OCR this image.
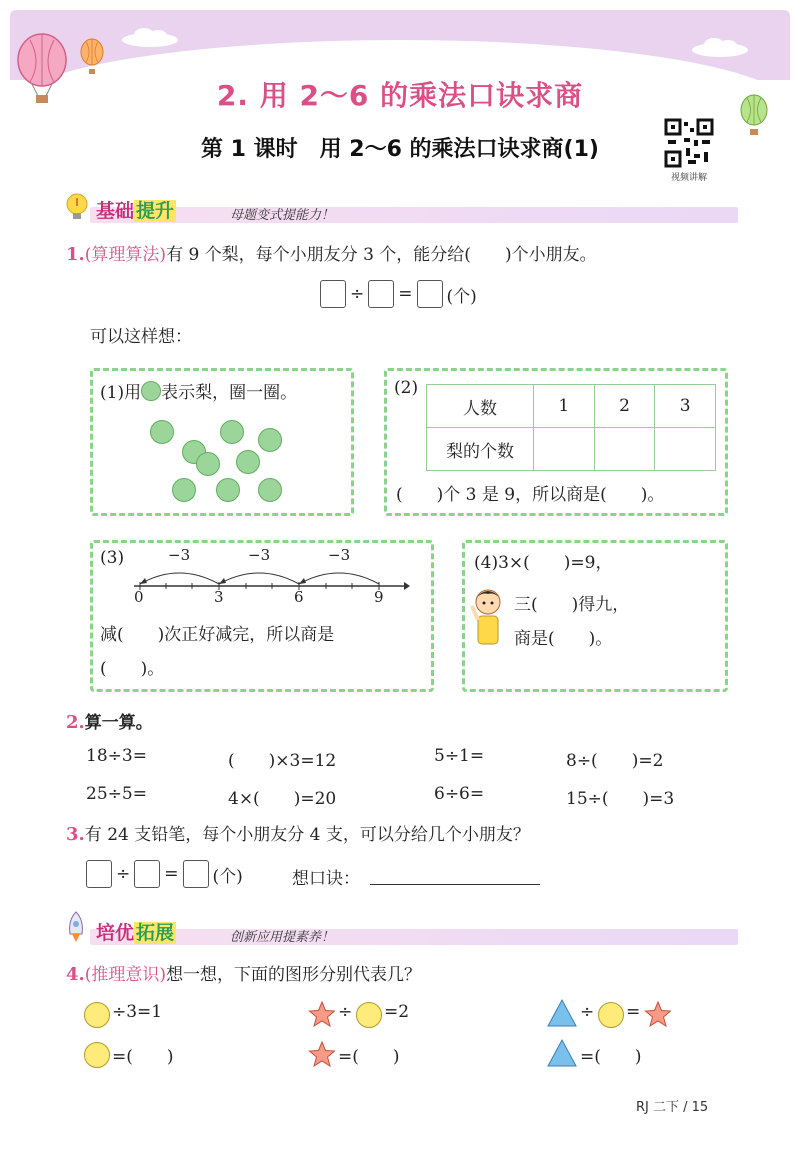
2. 用 2～6 的乘法口诀求商
第 1 课时　用 2～6 的乘法口诀求商(1)
视频讲解
基础 提升	母题变式提能力！
1.(算理算法)有 9 个梨，每个小朋友分 3 个，能分给(　　)个小朋友。
÷ = (个)
可以这样想：
(1)用 表示梨，圈一圈。	(2)
人数	1	2	3
梨的个数			
(　　)个 3 是 9，所以商是(　　)。
(3)	−3	−3	−3
0	3	6	9
减(　　)次正好减完，所以商是
(　　)。
(4)3×(　　)=9，
三(　　)得九，
商是(　　)。
2.算一算。
18÷3=	(　　)×3=12	5÷1=	8÷(　　)=2
25÷5=	4×(　　)=20	6÷6=	15÷(　　)=3
3.有 24 支铅笔，每个小朋友分 4 支，可以分给几个小朋友？
÷ = (个)	想口诀：
培优 拓展	创新应用提素养！
4.(推理意识)想一想，下面的图形分别代表几？
÷3=1	÷ =2	÷ =
=(　　)	=(　　)	=(　　)
RJ 二下 / 15
